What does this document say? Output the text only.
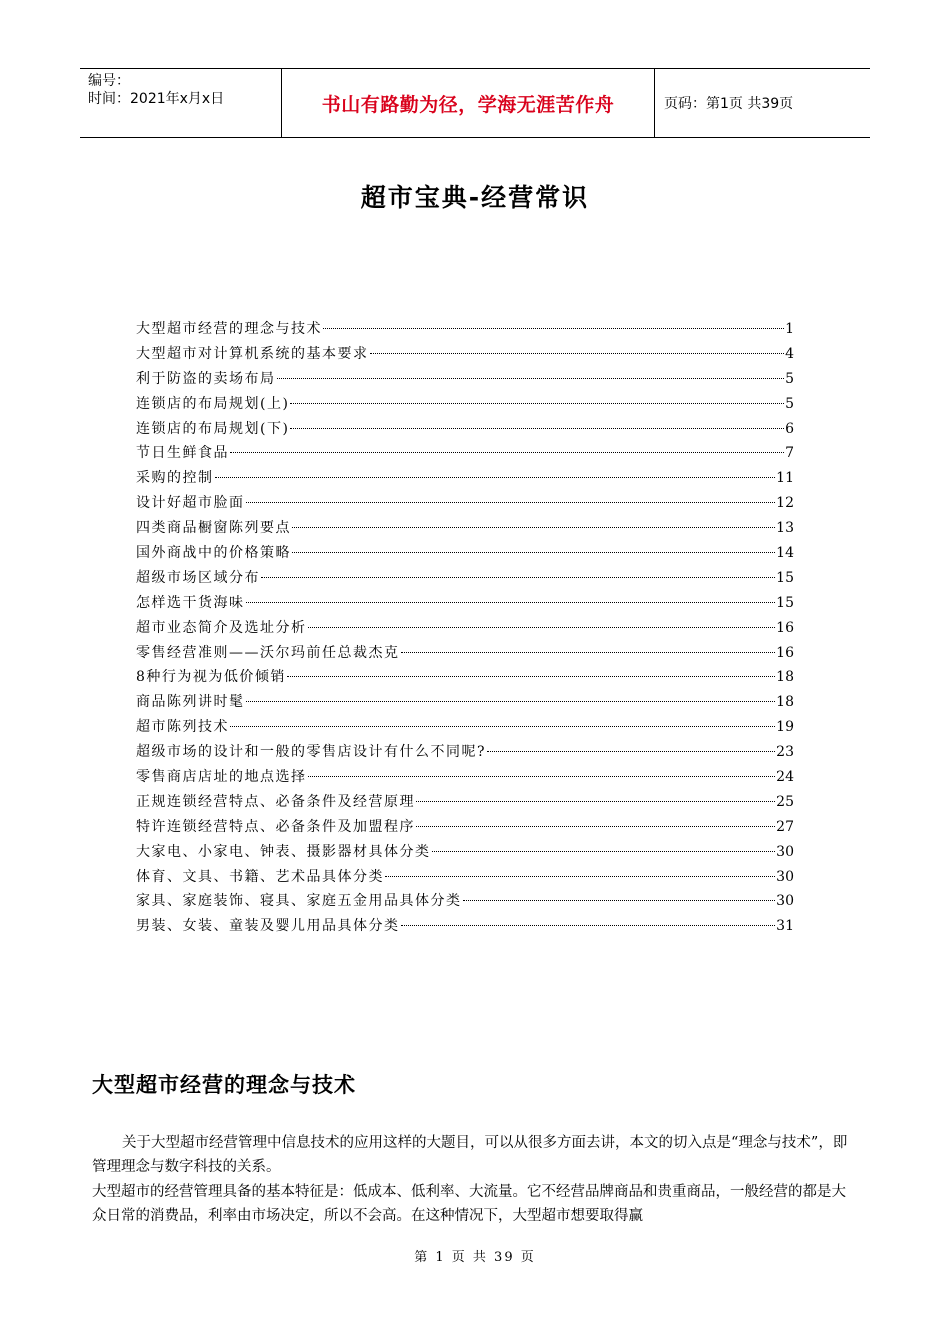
编号：
时间：2021年x月x日	书山有路勤为径，学海无涯苦作舟	页码：第1页 共39页
超市宝典-经营常识
大型超市经营的理念与技术	1
大型超市对计算机系统的基本要求	4
利于防盗的卖场布局	5
连锁店的布局规划(上)	5
连锁店的布局规划(下)	6
节日生鲜食品	7
采购的控制	11
设计好超市脸面	12
四类商品橱窗陈列要点	13
国外商战中的价格策略	14
超级市场区域分布	15
怎样选干货海味	15
超市业态简介及选址分析	16
零售经营准则——沃尔玛前任总裁杰克	16
8种行为视为低价倾销	18
商品陈列讲时髦	18
超市陈列技术	19
超级市场的设计和一般的零售店设计有什么不同呢?	23
零售商店店址的地点选择	24
正规连锁经营特点、必备条件及经营原理	25
特许连锁经营特点、必备条件及加盟程序	27
大家电、小家电、钟表、摄影器材具体分类	30
体育、文具、书籍、艺术品具体分类	30
家具、家庭装饰、寝具、家庭五金用品具体分类	30
男装、女装、童装及婴儿用品具体分类	31
大型超市经营的理念与技术

关于大型超市经营管理中信息技术的应用这样的大题目，可以从很多方面去讲，本文的切入点是“理念与技术”，即管理理念与数字科技的关系。

大型超市的经营管理具备的基本特征是：低成本、低利率、大流量。它不经营品牌商品和贵重商品，一般经营的都是大众日常的消费品，利率由市场决定，所以不会高。在这种情况下，大型超市想要取得赢

第 1 页 共 39 页
